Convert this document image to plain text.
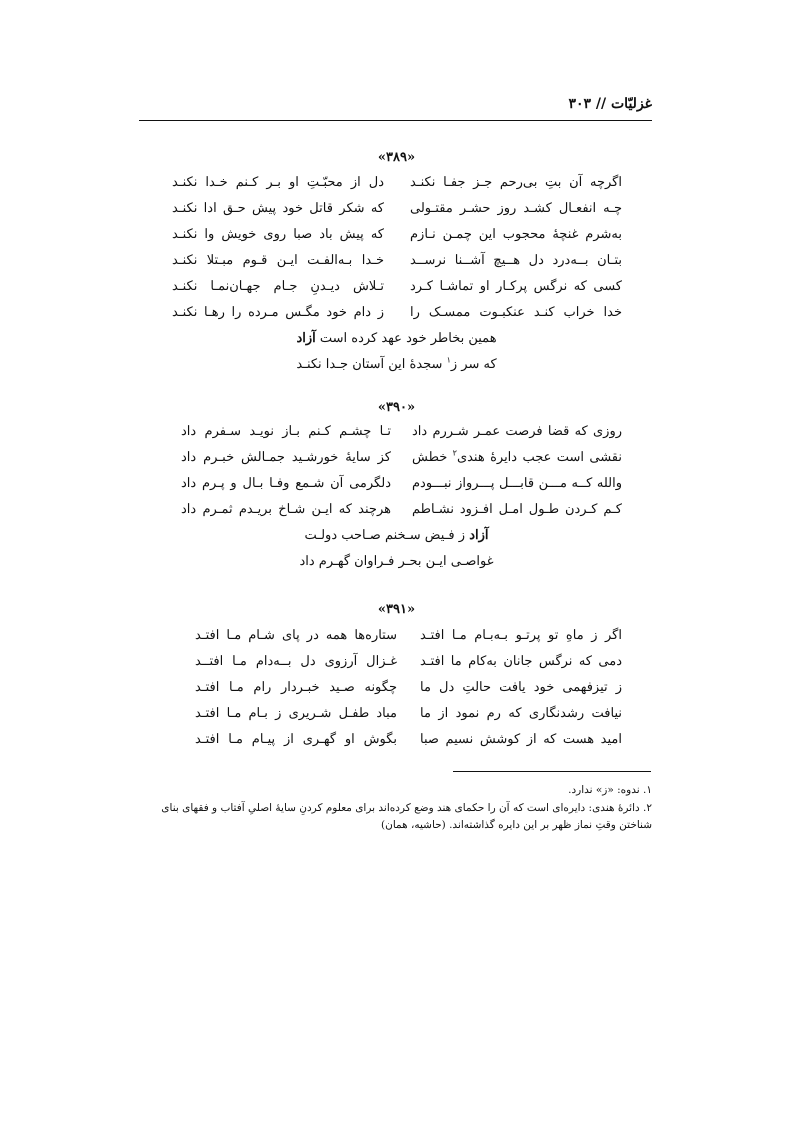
غزلیّات // ۳۰۳
«۳۸۹»
اگرچه آن بتِ بی‌رحم جـز جفـا نکنـد
دل از محبّـتِ او بـر کـنم خـدا نکنـد
چـه انفعـال کشـد روز حشـر مقتـولی
که شکر قاتل خود پیش حـق ادا نکنـد
به‌شرم غنچهٔ محجوب این چمـن نـازم
که پیش باد صبا روی خویش وا نکنـد
بتـان بــه‌درد دل هــیچ آشــنا نرســد
خـدا بـه‌الفـت ایـن قـوم مبـتلا نکنـد
کسی که نرگس پرکـار او تماشـا کـرد
تـلاش دیـدنِ جـام جهـان‌نمـا نکنـد
خدا خراب کنـد عنکبـوت ممسـک را
ز دام خود مگـس مـرده را رهـا نکنـد
همین بخاطر خود عهد کرده است آزاد
که سر ز$^۱$ سجدهٔ این آستان جـدا نکنـد
«۳۹۰»
روزی که قضا فرصت عمـر شـررم داد
تـا چشـم کـنم بـاز نویـد سـفرم داد
نقشی است عجب دایرهٔ هندی$^۲$ خطش
کز سایهٔ خورشـید جمـالش خبـرم داد
والله کــه مـــن قابـــل پـــرواز نبـــودم
دلگرمی آن شـمع وفـا بـال و پـرم داد
کـم کـردن طـول امـل افـزود نشـاطم
هرچند که ایـن شـاخ بریـدم ثمـرم داد
آزاد ز فـیض سـخنم صـاحب دولـت
غواصـی ایـن بحـر فـراوان گهـرم داد
«۳۹۱»
اگر ز ماهِ تو پرتـو بـه‌بـام مـا افتـد
ستاره‌ها همه در پای شـام مـا افتـد
دمی که نرگس جانان به‌کام ما افتـد
غـزال آرزوی دل بــه‌دام مـا افتــد
ز تیزفهمی خود یافت حالتِ دل ما
چگونه صـید خبـردار رام مـا افتـد
نیافت رشدنگاری که رم نمود از ما
مباد طفـل شـریری ز بـام مـا افتـد
امید هست که از کوشش نسیم صبا
بگوش او گهـری از پیـام مـا افتـد
۱. ندوه: «ز» ندارد.
۲. دائرهٔ هندی: دایره‌ای است که آن را حکمای هند وضع کرده‌اند برای معلوم کردنِ سایهٔ اصلیِ آفتاب و فقهای بنای شناختن وقتِ نماز ظهر بر این دایره گذاشته‌اند. (حاشیه، همان)
